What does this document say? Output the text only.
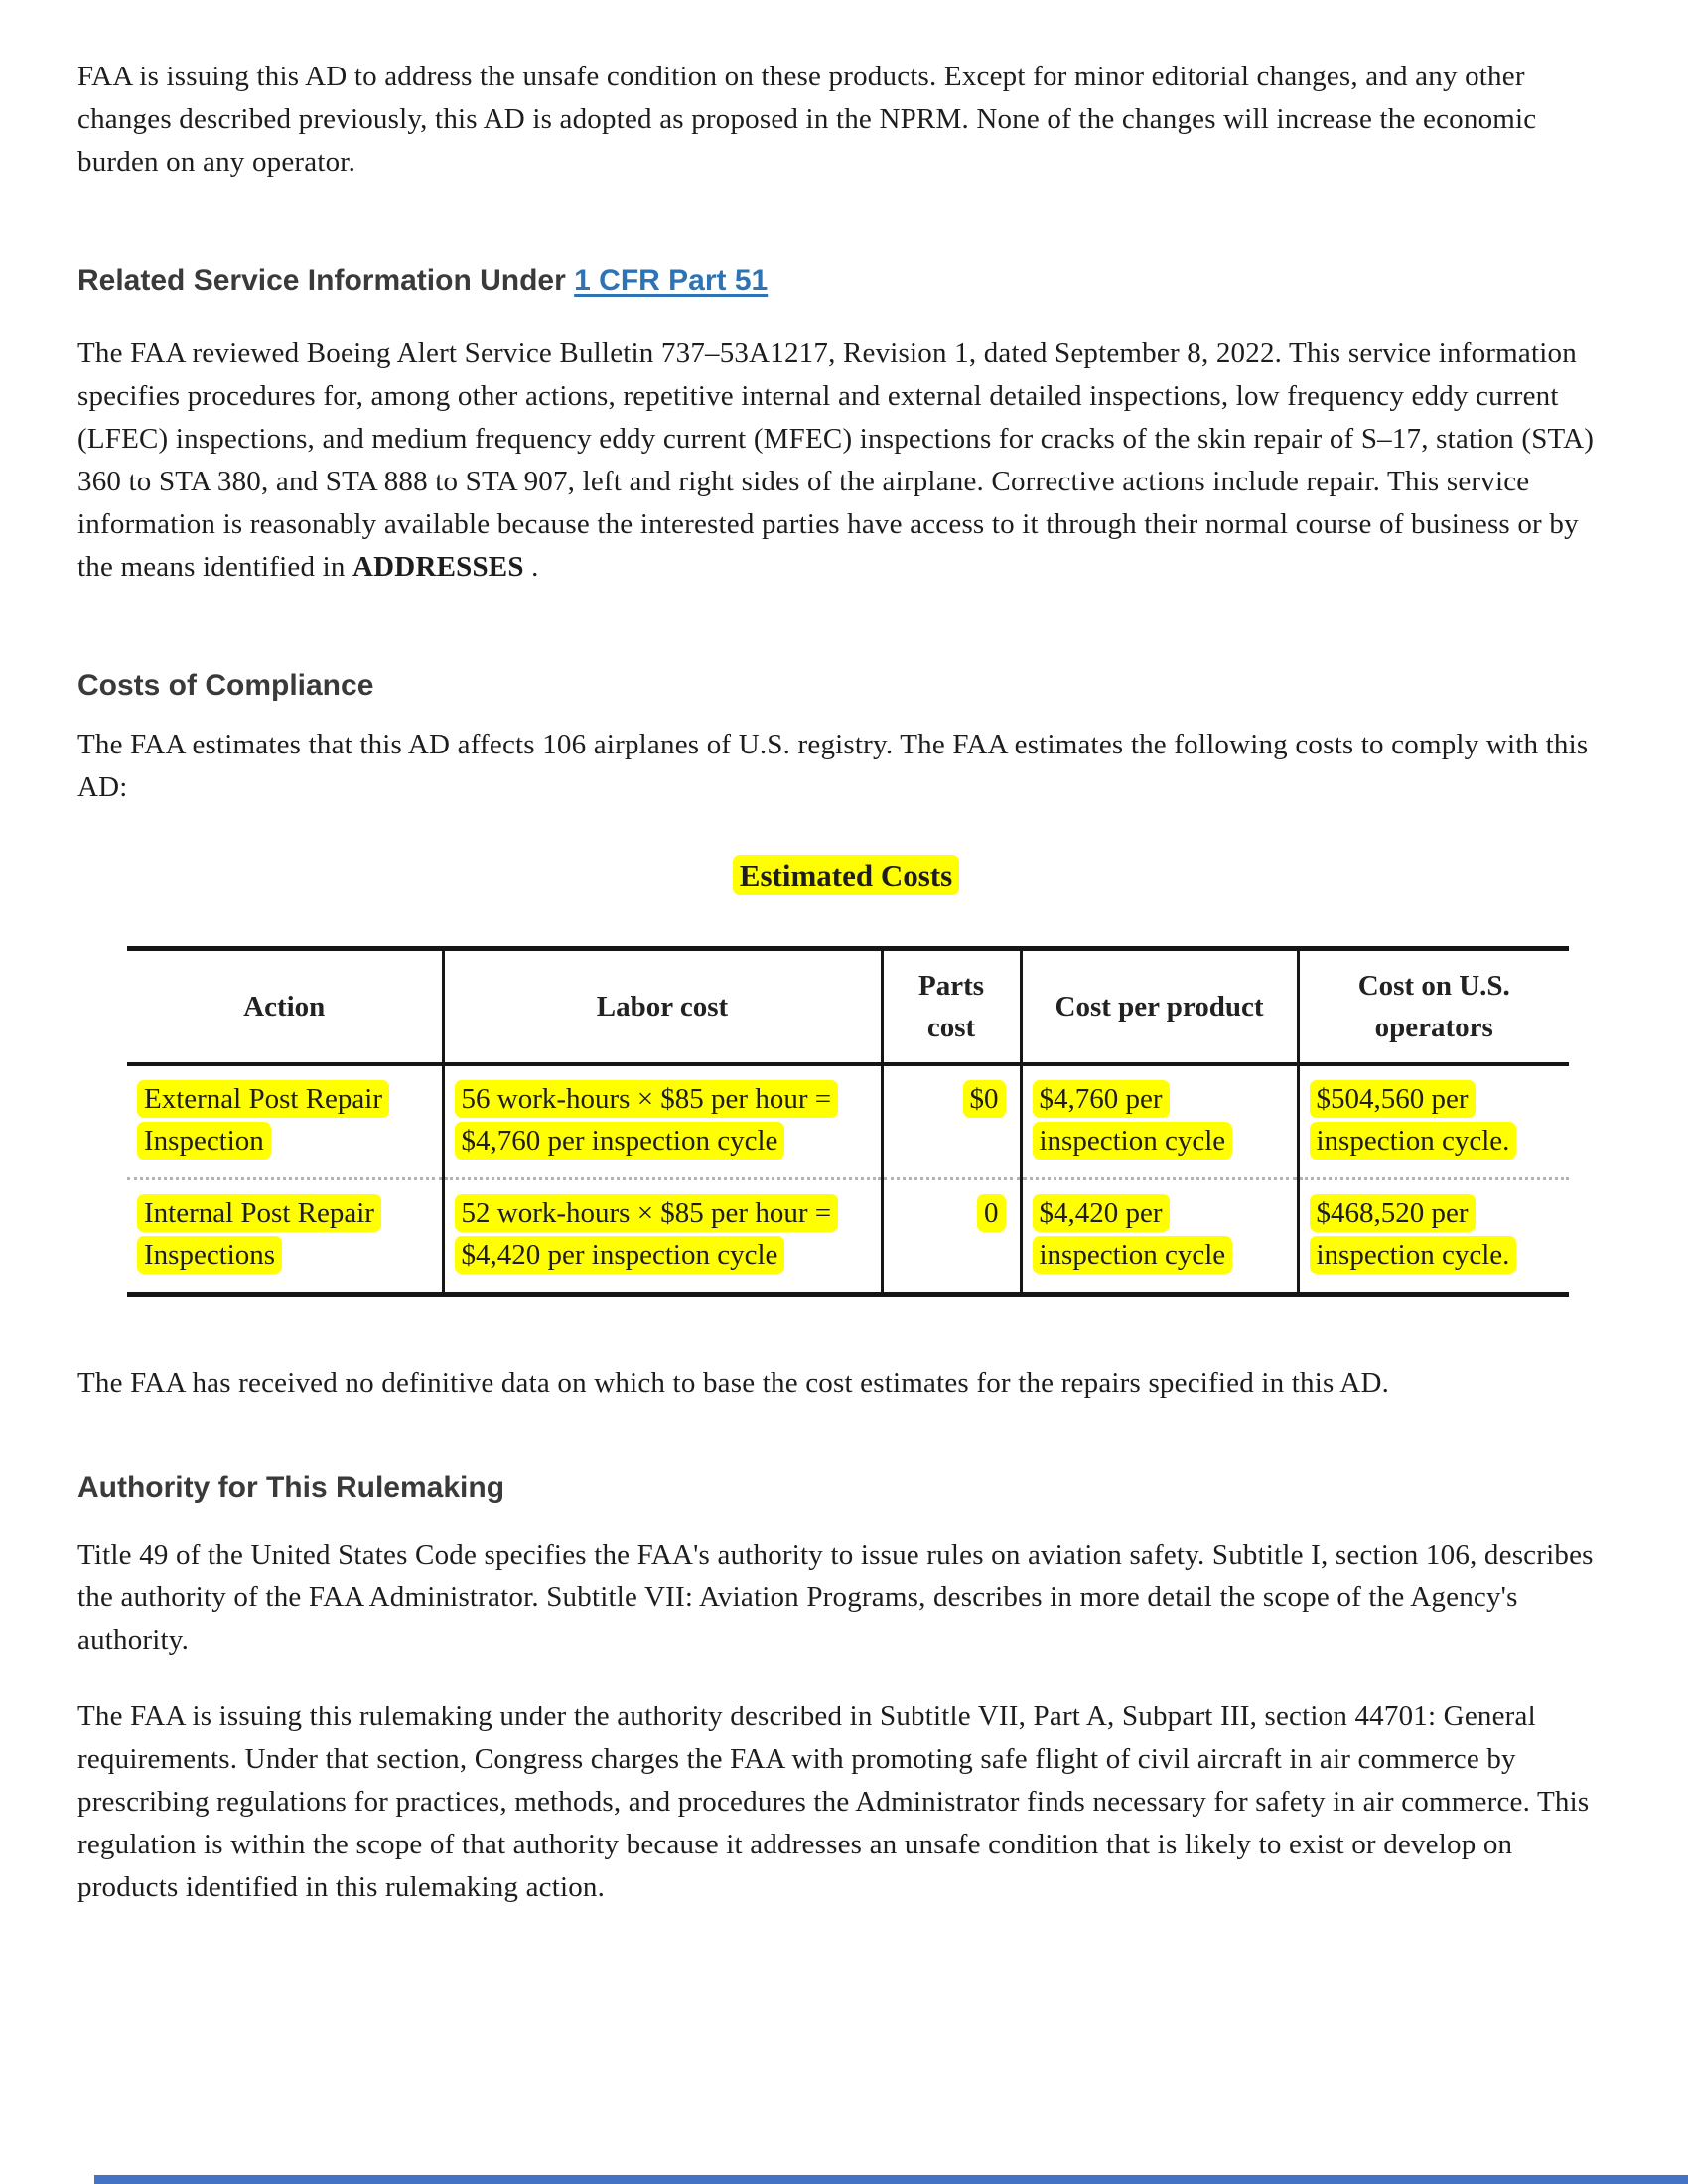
FAA is issuing this AD to address the unsafe condition on these products. Except for minor editorial changes, and any other changes described previously, this AD is adopted as proposed in the NPRM. None of the changes will increase the economic burden on any operator.

Related Service Information Under 1 CFR Part 51

The FAA reviewed Boeing Alert Service Bulletin 737–53A1217, Revision 1, dated September 8, 2022. This service information specifies procedures for, among other actions, repetitive internal and external detailed inspections, low frequency eddy current (LFEC) inspections, and medium frequency eddy current (MFEC) inspections for cracks of the skin repair of S–17, station (STA) 360 to STA 380, and STA 888 to STA 907, left and right sides of the airplane. Corrective actions include repair. This service information is reasonably available because the interested parties have access to it through their normal course of business or by the means identified in ADDRESSES .

Costs of Compliance

The FAA estimates that this AD affects 106 airplanes of U.S. registry. The FAA estimates the following costs to comply with this AD:

Estimated Costs
Action	Labor cost	Parts cost	Cost per product	Cost on U.S. operators
External Post Repair Inspection	56 work-hours × $85 per hour = $4,760 per inspection cycle	$0	$4,760 per inspection cycle	$504,560 per inspection cycle.
Internal Post Repair Inspections	52 work-hours × $85 per hour = $4,420 per inspection cycle	0	$4,420 per inspection cycle	$468,520 per inspection cycle.

The FAA has received no definitive data on which to base the cost estimates for the repairs specified in this AD.

Authority for This Rulemaking

Title 49 of the United States Code specifies the FAA's authority to issue rules on aviation safety. Subtitle I, section 106, describes the authority of the FAA Administrator. Subtitle VII: Aviation Programs, describes in more detail the scope of the Agency's authority.

The FAA is issuing this rulemaking under the authority described in Subtitle VII, Part A, Subpart III, section 44701: General requirements. Under that section, Congress charges the FAA with promoting safe flight of civil aircraft in air commerce by prescribing regulations for practices, methods, and procedures the Administrator finds necessary for safety in air commerce. This regulation is within the scope of that authority because it addresses an unsafe condition that is likely to exist or develop on products identified in this rulemaking action.
